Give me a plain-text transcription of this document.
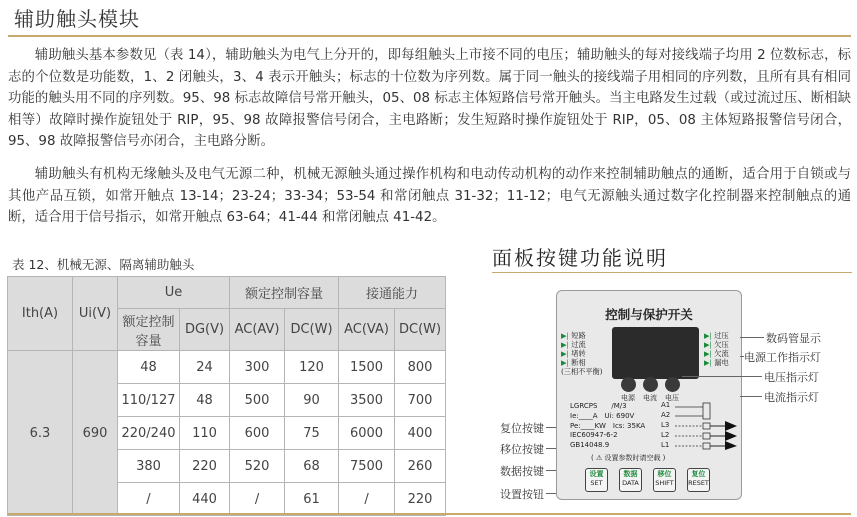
辅助触头模块
辅助触头基本参数见（表 14），辅助触头为电气上分开的，即每组触头上市接不同的电压；辅助触头的每对接线端子均用 2 位数标志，标志的个位数是功能数，1、2 闭触头，3、4 表示开触头；标志的十位数为序列数。属于同一触头的接线端子用相同的序列数，且所有具有相同功能的触头用不同的序列数。95、98 标志故障信号常开触头，05、08 标志主体短路信号常开触头。当主电路发生过载（或过流过压、断相缺相等）故障时操作旋钮处于 RIP，95、98 故障报警信号闭合，主电路断；发生短路时操作旋钮处于 RIP，05、08 主体短路报警信号闭合，95、98 故障报警信号亦闭合，主电路分断。
辅助触头有机构无缘触头及电气无源二种，机械无源触头通过操作机构和电动传动机构的动作来控制辅助触点的通断，适合用于自锁或与其他产品互锁，如常开触点 13-14；23-24；33-34；53-54 和常闭触点 31-32；11-12；电气无源触头通过数字化控制器来控制触点的通断，适合用于信号指示，如常开触点 63-64；41-44 和常闭触点 41-42。
表 12、机械无源、隔离辅助触头
Ith(A)	Ui(V)	Ue		额定控制容量		接通能力	
		额定控制容量	DG(V)	AC(AV)	DC(W)	AC(VA)	DC(W)
6.3	690	48	24	300	120	1500	800
		110/127	48	500	90	3500	700
		220/240	110	600	75	6000	400
		380	220	520	68	7500	260
		/	440	/	61	/	220
面板按键功能说明
控制与保护开关
▶| 短路
▶| 过流
▶| 堵转
▶| 断相
(三相不平衡)
▶| 过压
▶| 欠压
▶| 欠流
▶| 漏电
电源 电流 电压
LGRCPS　　/M/3
Ie:____A　Ui: 690V
Pe:____KW　Ics: 35KA
IEC60947-6-2
GB14048.9
A1
A2
L3
L2
L1
( ⚠ 设置参数时请空载 )
设置
SET
数据
DATA
移位
SHIFT
复位
RESET
数码管显示
电源工作指示灯
电压指示灯
电流指示灯
复位按键
移位按键
数据按键
设置按钮
